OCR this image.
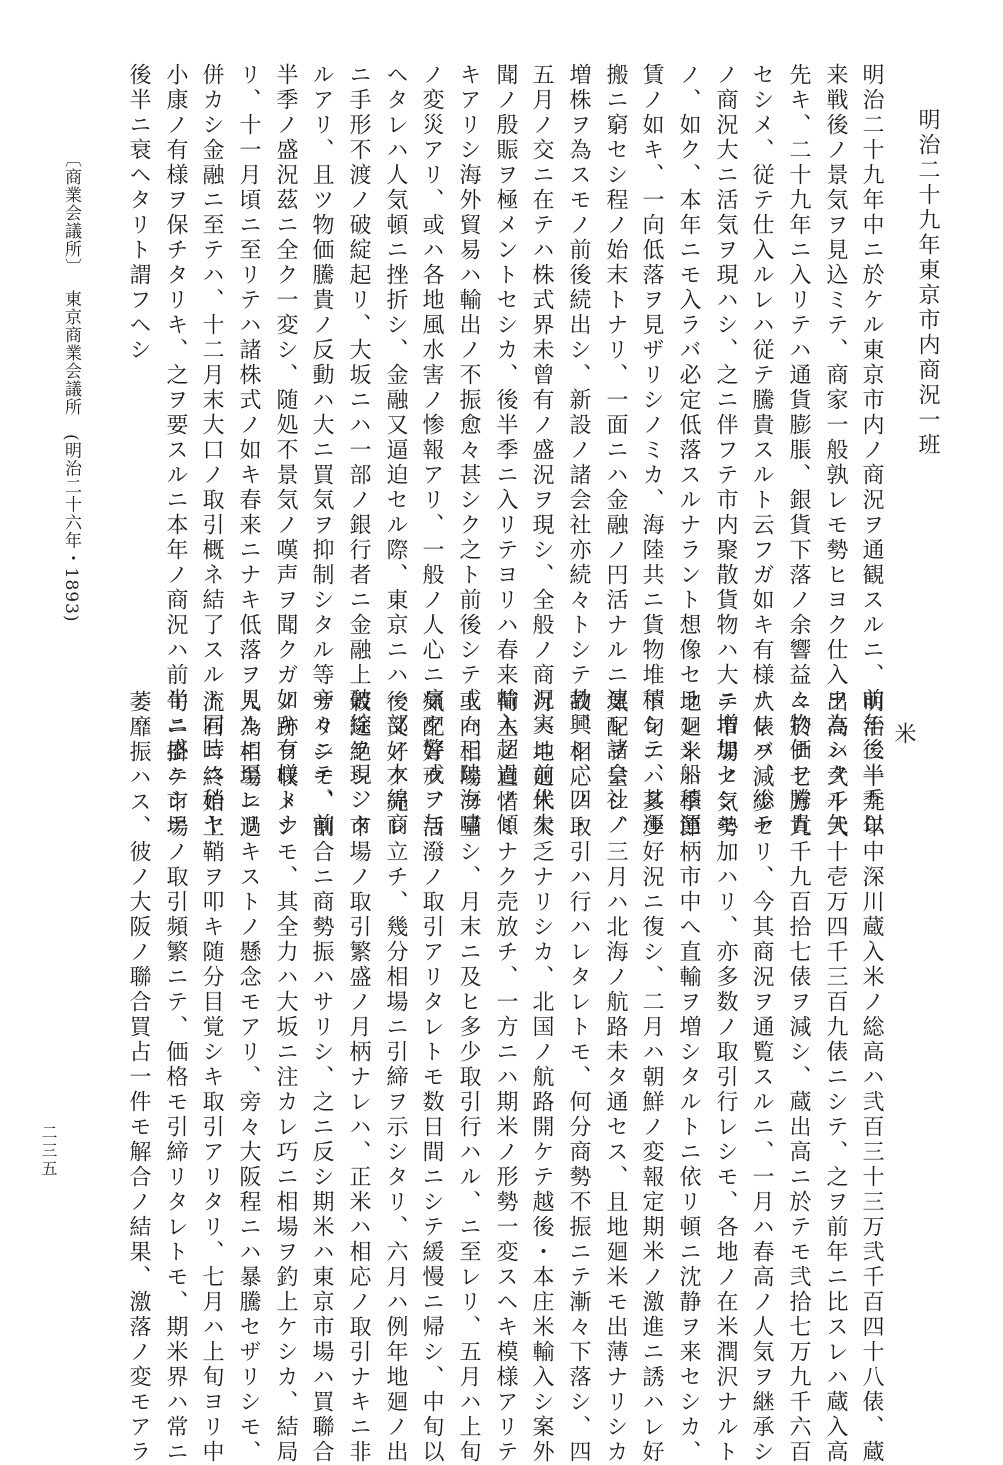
明治二十九年東京市内商況一班
明治二十九年中ニ於ケル東京市内ノ商況ヲ通観スルニ、前年後半季以
来戦後ノ景気ヲ見込ミテ、商家一般孰レモ勢ヒヨク仕入ヲ為シタル矢
先キ、二十九年ニ入リテハ通貨膨脹、銀貨下落ノ余響益々物価ヲ騰貴
セシメ、従テ仕入ルレハ従テ騰貴スルト云フガ如キ有様ナレバ、総テ
ノ商況大ニ活気ヲ現ハシ、之ニ伴フテ市内聚散貨物ハ大ニ増加セシモ
ノ、如ク、本年ニモ入ラバ必定低落スルナラント想像セラレシ船積運
賃ノ如キ、一向低落ヲ見ザリシノミカ、海陸共ニ貨物堆積シテ、其運
搬ニ窮セシ程ノ始末トナリ、一面ニハ金融ノ円活ナルニ連レ諸会社ノ
増株ヲ為スモノ前後続出シ、新設ノ諸会社亦続々トシテ勃興シ、四・
五月ノ交ニ在テハ株式界未曾有ノ盛況ヲ現シ、全般ノ商況実ニ前代未
聞ノ殷賑ヲ極メントセシカ、後半季ニ入リテヨリハ春来輸入超過ノ傾
キアリシ海外貿易ハ輸出ノ不振愈々甚シク之ト前後シテ或ハ三陸海嘯
ノ変災アリ、或ハ各地風水害ノ惨報アリ、一般ノ人心ニ痛ク警戒ヲ与
ヘタレハ人気頓ニ挫折シ、金融又逼迫セル際、東京ニハ一部ノ木綿商
ニ手形不渡ノ破綻起リ、大坂ニハ一部ノ銀行者ニ金融上破綻ヲ現シタ
ルアリ、且ツ物価騰貴ノ反動ハ大ニ買気ヲ抑制シタル等旁々ニテ、前
半季ノ盛況茲ニ全ク一変シ、随処不景気ノ嘆声ヲ聞クガ如キ有様トナ
リ、十一月頃ニ至リテハ諸株式ノ如キ春来ニナキ低落ヲ見ルニ至レリ
併カシ金融ニ至テハ、十二月末大口ノ取引概ネ結了スルト同時ニ稍ヤ
小康ノ有様ヲ保チタリキ、之ヲ要スルニ本年ノ商況ハ前半ニ盛ニシテ
後半ニ衰ヘタリト謂フヘシ
〔商業会議所〕
東京商業会議所　(明治二十六年・1893)
米
明治二十九年中深川蔵入米ノ総高ハ弐百三十三万弐千百四十八俵、蔵
出高ハ弐千弐十壱万四千三百九俵ニシテ、之ヲ前年ニ比スレハ蔵入高
ニ於テ七万九千九百拾七俵ヲ減シ、蔵出高ニ於テモ弐拾七万九千六百
八俵ヲ減少セリ、今其商況ヲ通覧スルニ、一月ハ春高ノ人気ヲ継承シ
テ市場ノ気勢加ハリ、亦多数ノ取引行レシモ、各地ノ在米潤沢ナルト
地廻米ハ季節柄市中へ直輸ヲ増シタルトニ依リ頓ニ沈静ヲ来セシカ、
下旬ニハ多少好況ニ復シ、二月ハ朝鮮ノ変報定期米ノ激進ニ誘ハレ好
気配ヲ呈シ、三月ハ北海ノ航路未タ通セス、且地廻米モ出薄ナリシカ
故、相応ノ取引ハ行ハレタレトモ、何分商勢不振ニテ漸々下落シ、四
月ハ地廻米欠乏ナリシカ、北国ノ航路開ケテ越後・本庄米輸入シ案外
荷主ノ直惜ミナク売放チ、一方ニハ期米ノ形勢一変スヘキ模様アリテ
上向相場ヲ呈シ、月末ニ及ヒ多少取引行ハル、ニ至レリ、五月ハ上旬
気配好ク、活潑ノ取引アリタレトモ数日間ニシテ緩慢ニ帰シ、中旬以
後又好ク売レ立チ、幾分相場ニ引締ヲ示シタリ、六月ハ例年地廻ノ出
穀途絶シ、市場ノ取引繁盛ノ月柄ナレハ、正米ハ相応ノ取引ナキニ非
サリシモ、割合ニ商勢振ハサリシ、之ニ反シ期米ハ東京市場ハ買聯合
ノ跡ヲ収メシモ、其全力ハ大坂ニ注カレ巧ニ相場ヲ釣上ケシカ、結局
人為相場ニ過キストノ懸念モアリ、旁々大阪程ニハ暴騰セザリシモ、
流石ニ終始上鞘ヲ叩キ随分目覚シキ取引アリタリ、七月ハ上旬ヨリ中
旬ニ掛ケ市場ノ取引頻繁ニテ、価格モ引締リタレトモ、期米界ハ常ニ
萎靡振ハス、彼ノ大阪ノ聯合買占一件モ解合ノ結果、激落ノ変モアラ
二三五
